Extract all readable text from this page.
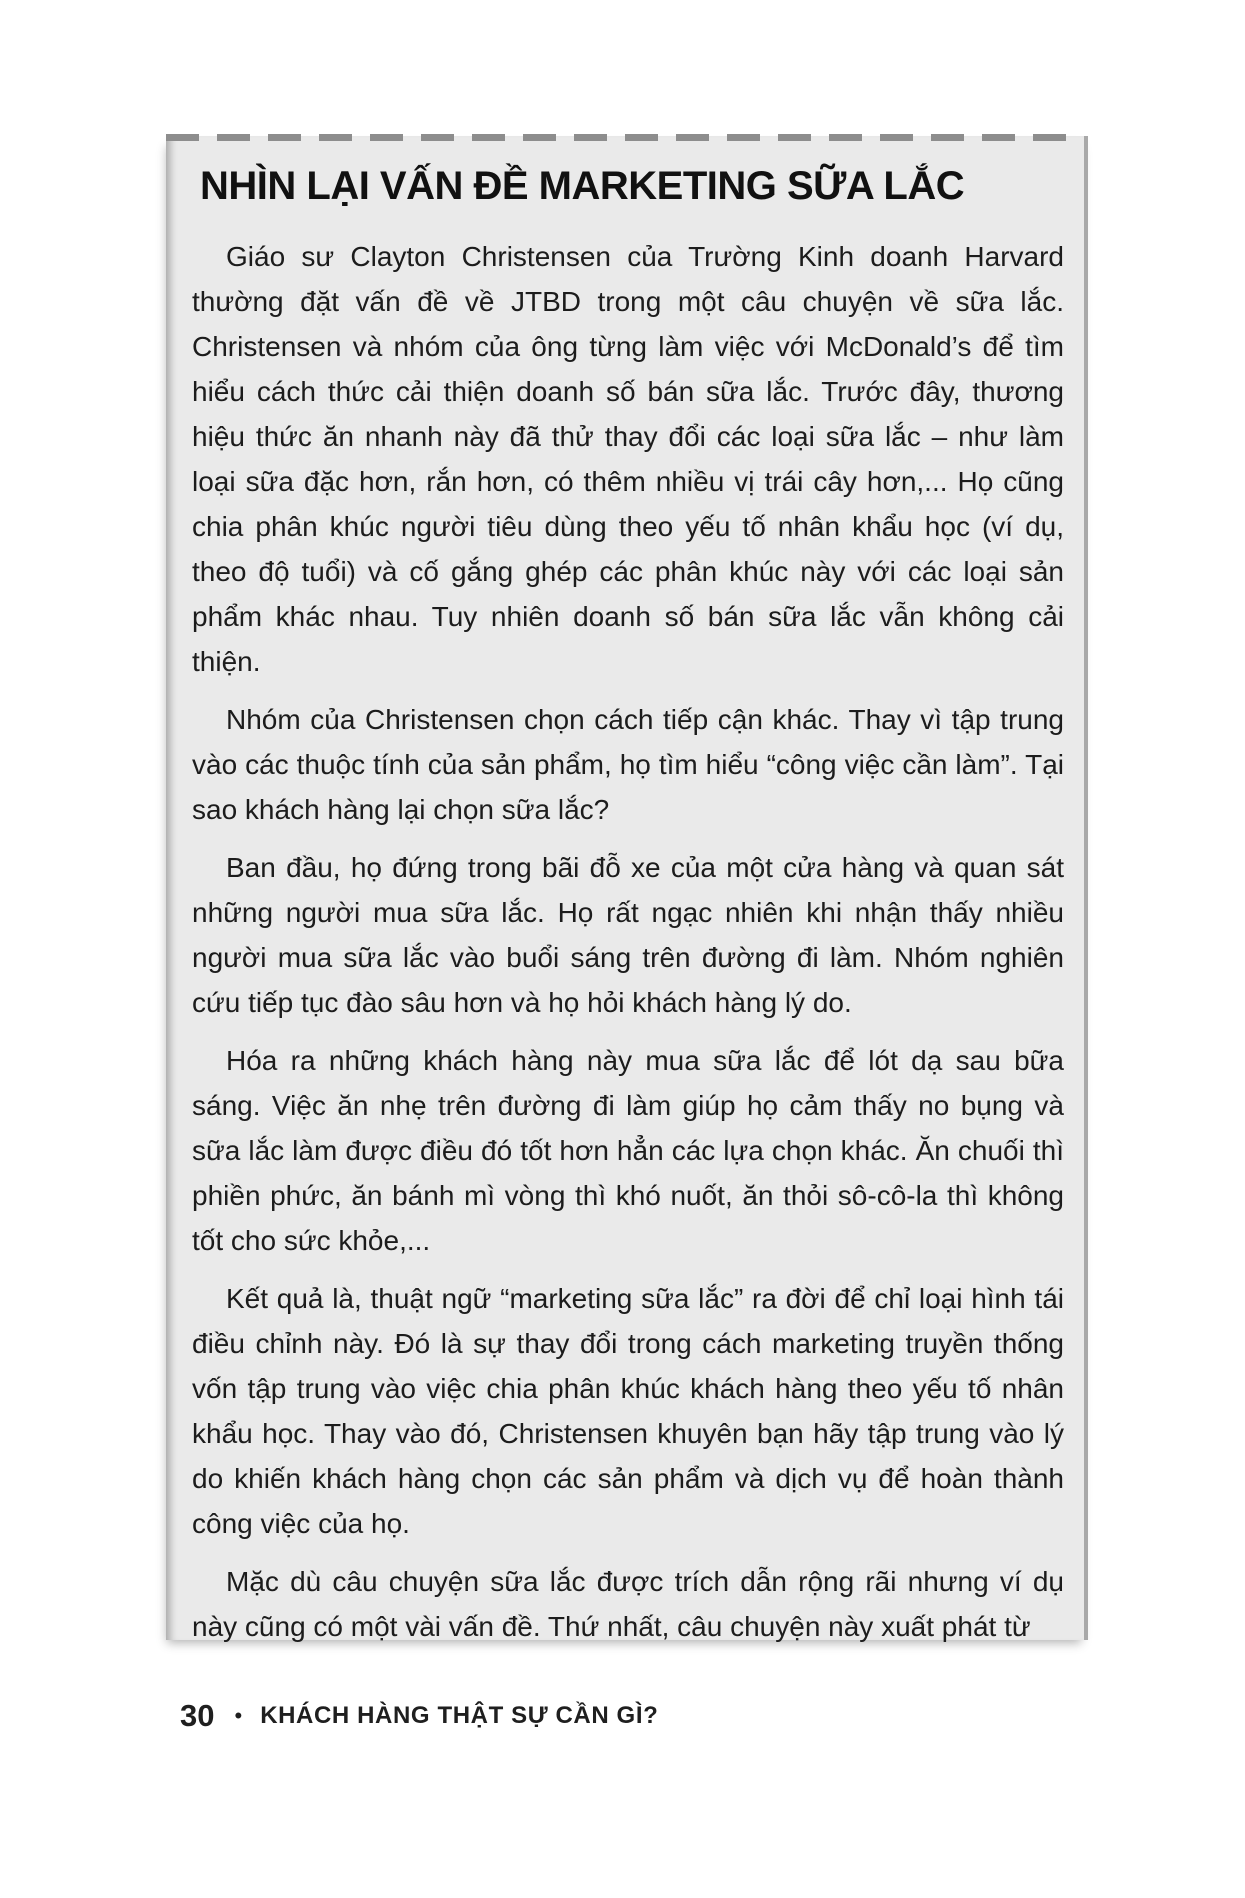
NHÌN LẠI VẤN ĐỀ MARKETING SỮA LẮC

Giáo sư Clayton Christensen của Trường Kinh doanh Harvard thường đặt vấn đề về JTBD trong một câu chuyện về sữa lắc. Christensen và nhóm của ông từng làm việc với McDonald’s để tìm hiểu cách thức cải thiện doanh số bán sữa lắc. Trước đây, thương hiệu thức ăn nhanh này đã thử thay đổi các loại sữa lắc – như làm loại sữa đặc hơn, rắn hơn, có thêm nhiều vị trái cây hơn,... Họ cũng chia phân khúc người tiêu dùng theo yếu tố nhân khẩu học (ví dụ, theo độ tuổi) và cố gắng ghép các phân khúc này với các loại sản phẩm khác nhau. Tuy nhiên doanh số bán sữa lắc vẫn không cải thiện.

Nhóm của Christensen chọn cách tiếp cận khác. Thay vì tập trung vào các thuộc tính của sản phẩm, họ tìm hiểu “công việc cần làm”. Tại sao khách hàng lại chọn sữa lắc?

Ban đầu, họ đứng trong bãi đỗ xe của một cửa hàng và quan sát những người mua sữa lắc. Họ rất ngạc nhiên khi nhận thấy nhiều người mua sữa lắc vào buổi sáng trên đường đi làm. Nhóm nghiên cứu tiếp tục đào sâu hơn và họ hỏi khách hàng lý do.

Hóa ra những khách hàng này mua sữa lắc để lót dạ sau bữa sáng. Việc ăn nhẹ trên đường đi làm giúp họ cảm thấy no bụng và sữa lắc làm được điều đó tốt hơn hẳn các lựa chọn khác. Ăn chuối thì phiền phức, ăn bánh mì vòng thì khó nuốt, ăn thỏi sô-cô-la thì không tốt cho sức khỏe,...

Kết quả là, thuật ngữ “marketing sữa lắc” ra đời để chỉ loại hình tái điều chỉnh này. Đó là sự thay đổi trong cách marketing truyền thống vốn tập trung vào việc chia phân khúc khách hàng theo yếu tố nhân khẩu học. Thay vào đó, Christensen khuyên bạn hãy tập trung vào lý do khiến khách hàng chọn các sản phẩm và dịch vụ để hoàn thành công việc của họ.

Mặc dù câu chuyện sữa lắc được trích dẫn rộng rãi nhưng ví dụ này cũng có một vài vấn đề. Thứ nhất, câu chuyện này xuất phát từ

30 • KHÁCH HÀNG THẬT SỰ CẦN GÌ?
